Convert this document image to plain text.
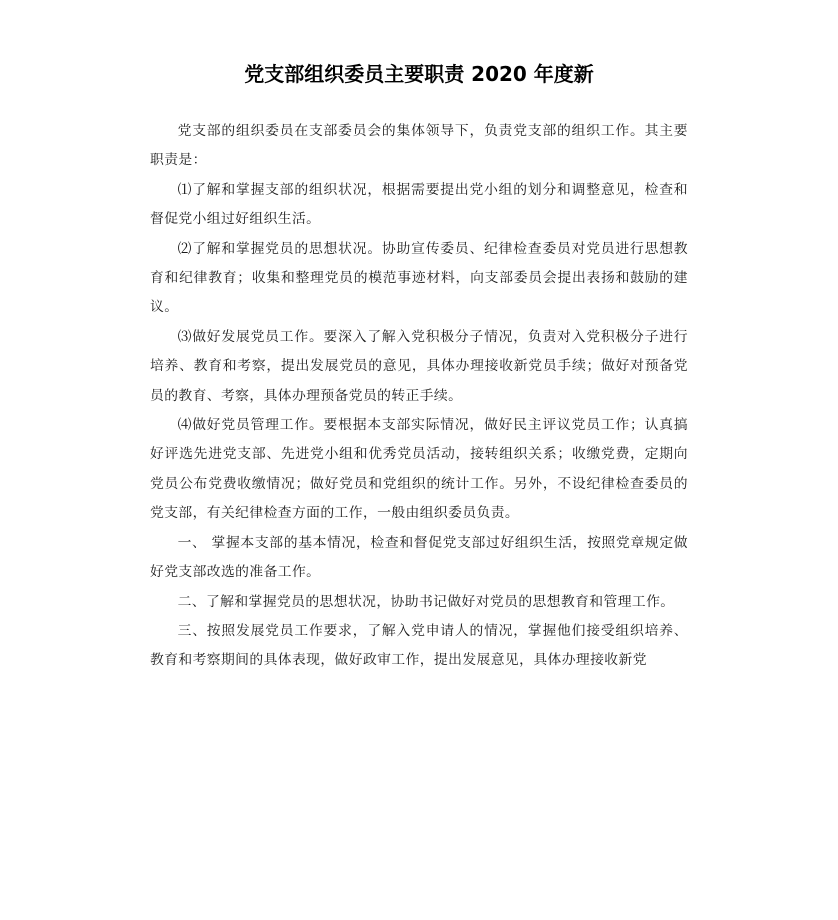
党支部组织委员主要职责 2020 年度新

党支部的组织委员在支部委员会的集体领导下，负责党支部的组织工作。其主要职责是：

⑴了解和掌握支部的组织状况，根据需要提出党小组的划分和调整意见，检查和督促党小组过好组织生活。

⑵了解和掌握党员的思想状况。协助宣传委员、纪律检查委员对党员进行思想教育和纪律教育；收集和整理党员的模范事迹材料，向支部委员会提出表扬和鼓励的建议。

⑶做好发展党员工作。要深入了解入党积极分子情况，负责对入党积极分子进行培养、教育和考察，提出发展党员的意见，具体办理接收新党员手续；做好对预备党员的教育、考察，具体办理预备党员的转正手续。

⑷做好党员管理工作。要根据本支部实际情况，做好民主评议党员工作；认真搞好评选先进党支部、先进党小组和优秀党员活动，接转组织关系；收缴党费，定期向党员公布党费收缴情况；做好党员和党组织的统计工作。另外，不设纪律检查委员的党支部，有关纪律检查方面的工作，一般由组织委员负责。

一、 掌握本支部的基本情况，检查和督促党支部过好组织生活，按照党章规定做好党支部改选的准备工作。

二、了解和掌握党员的思想状况，协助书记做好对党员的思想教育和管理工作。

三、按照发展党员工作要求，了解入党申请人的情况，掌握他们接受组织培养、教育和考察期间的具体表现，做好政审工作，提出发展意见，具体办理接收新党
